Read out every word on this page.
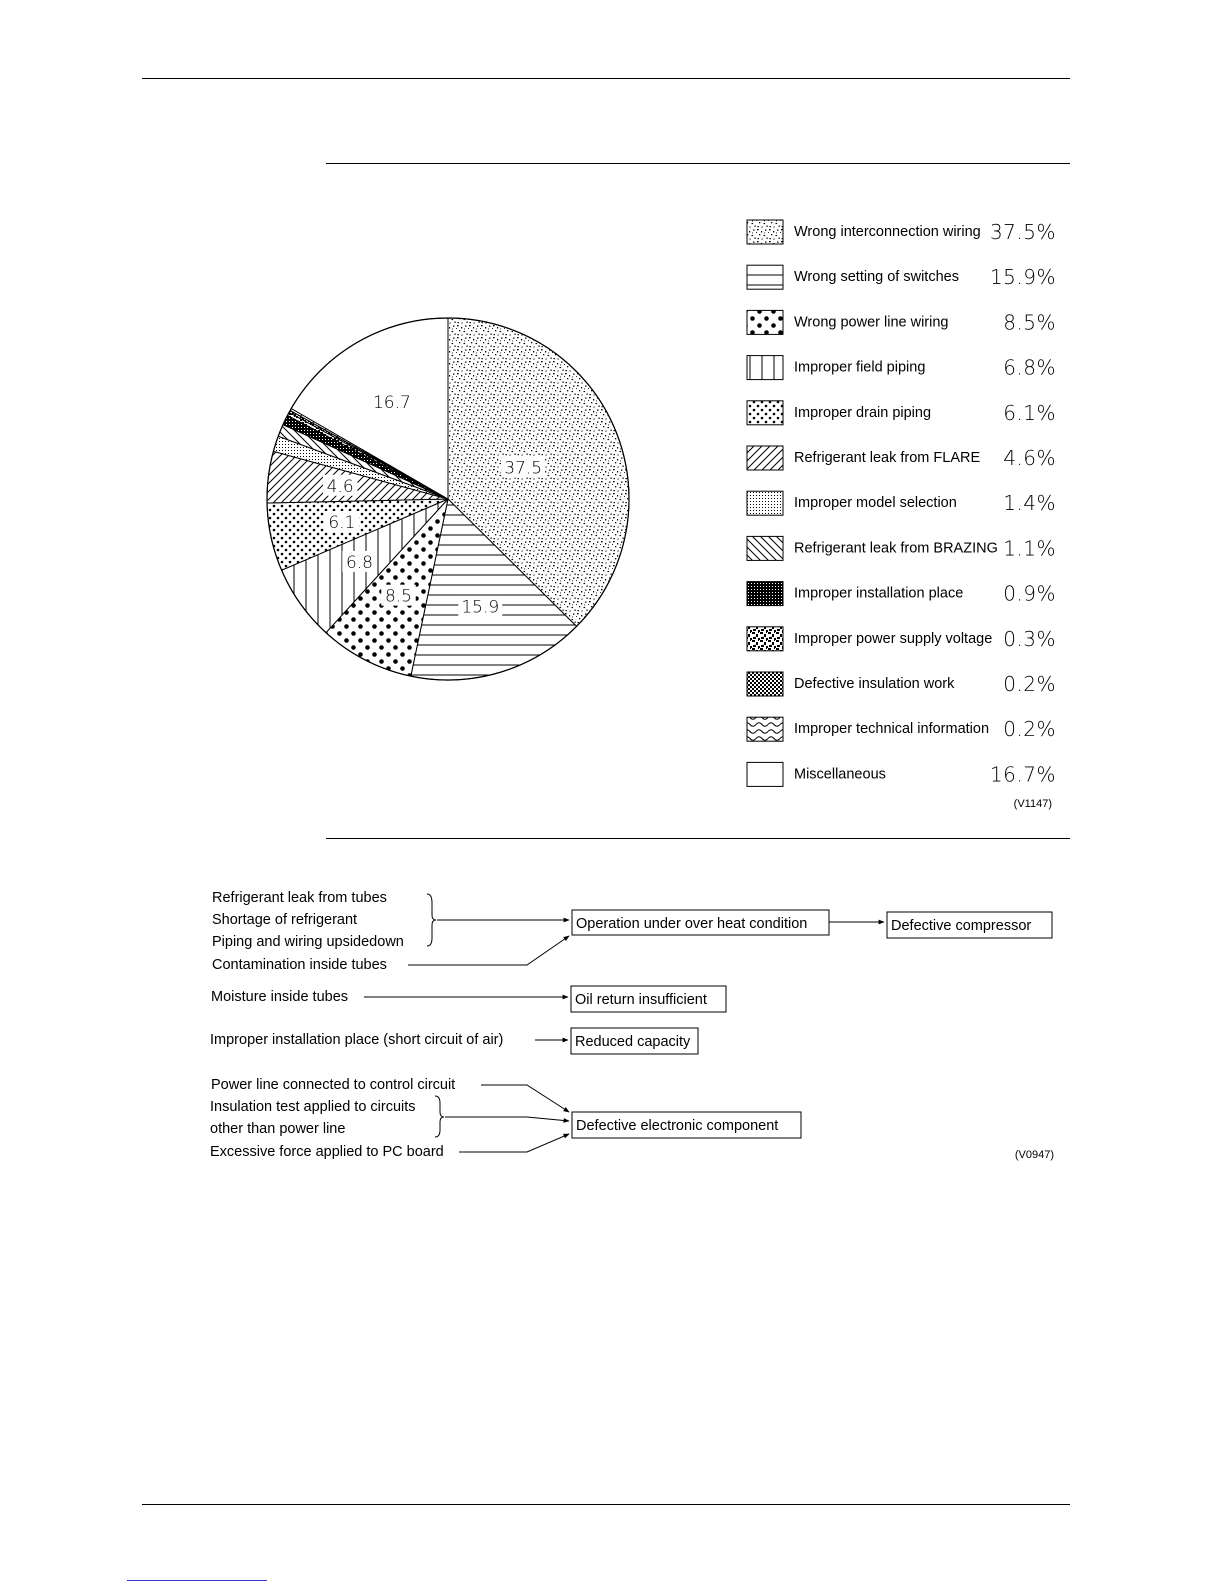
37.5
15.9
8.5
6.8
6.1
4.6
16.7
Wrong interconnection wiring 37.5%
Wrong setting of switches 15.9%
Wrong power line wiring	8.5%
Improper field piping	6.8%
Improper drain piping	6.1%
Refrigerant leak from FLARE 4.6%
Improper model selection 1.4%
Refrigerant leak from BRAZING 1.1%
Improper installation place 0.9%
Improper power supply voltage 0.3%
Defective insulation work 0.2%
Improper technical information 0.2%
Miscellaneous	16.7%
(V1147)
Refrigerant leak from tubes
Shortage of refrigerant
Piping and wiring upsidedown
Contamination inside tubes
Operation under over heat condition	Defective compressor
Moisture inside tubes	Oil return insufficient
Improper installation place (short circuit of air)	Reduced capacity
Power line connected to control circuit
Insulation test applied to circuits
other than power line
Excessive force applied to PC board
Defective electronic component
(V0947)
